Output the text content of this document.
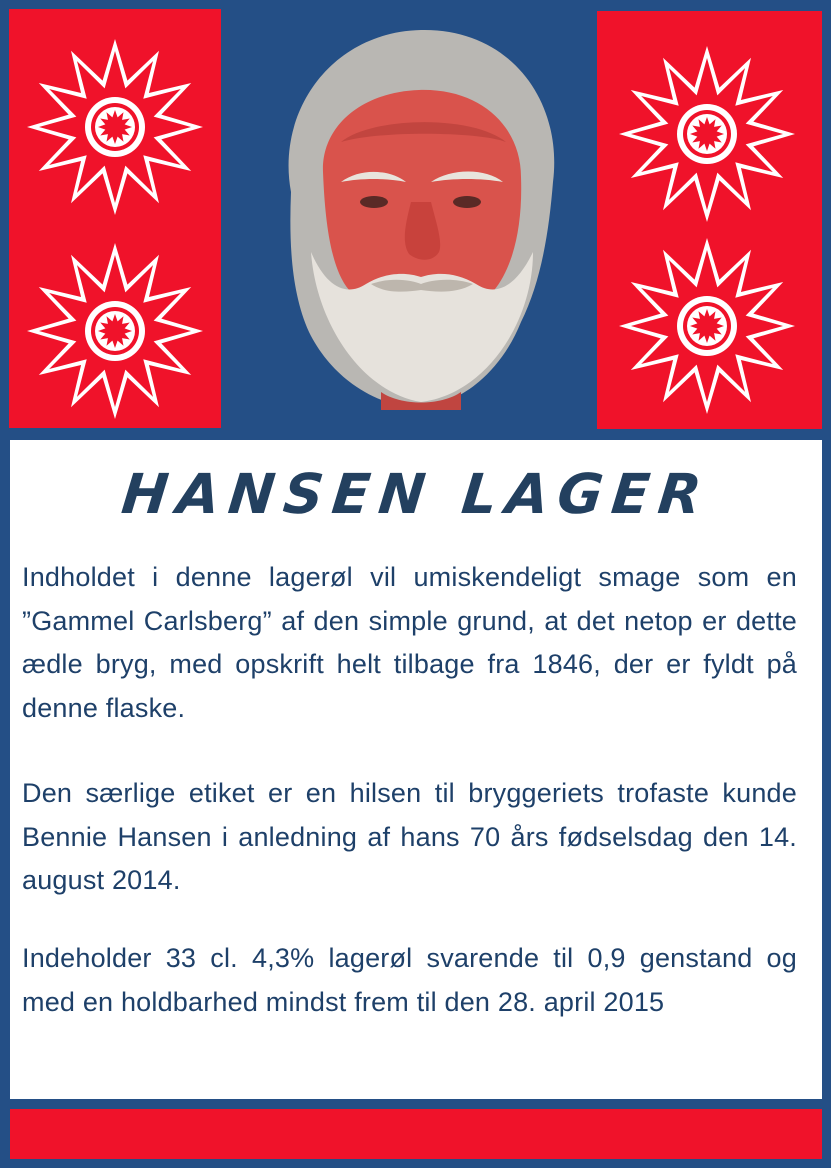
HANSEN LAGER
Indholdet i denne lagerøl vil umiskendeligt smage som en ”Gammel Carlsberg” af den simple grund, at det netop er dette ædle bryg, med opskrift helt tilbage fra 1846, der er fyldt på denne flaske.
Den særlige etiket er en hilsen til bryggeriets trofaste kunde Bennie Hansen i anledning af hans 70 års fødselsdag den 14. august 2014.
Indeholder 33 cl. 4,3% lagerøl svarende til 0,9 genstand og med en holdbarhed mindst frem til den 28. april 2015
